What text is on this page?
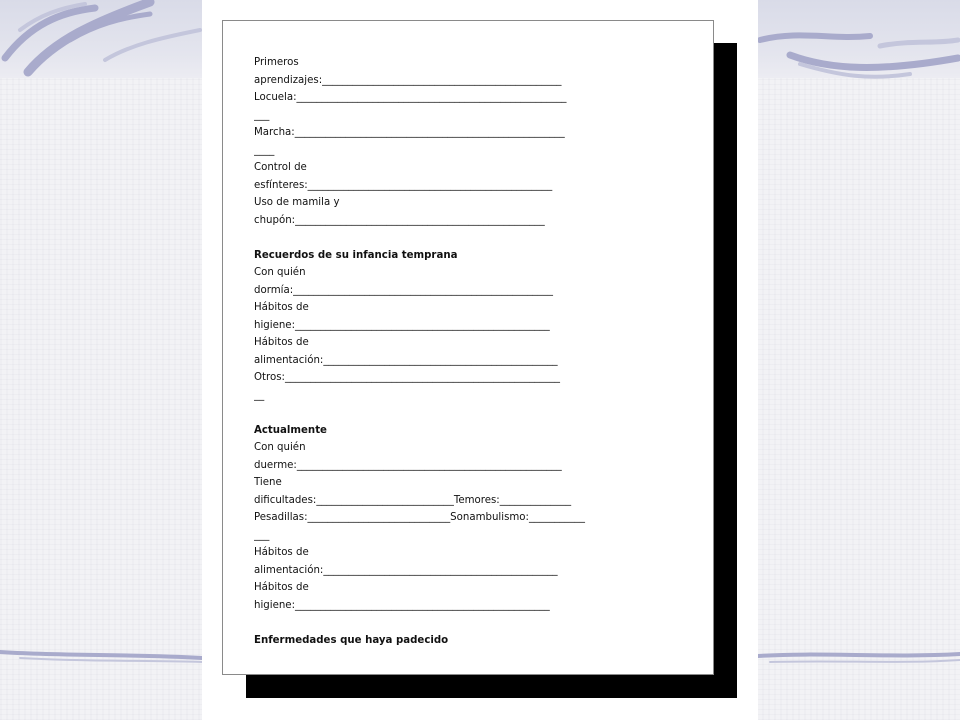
Primeros
aprendizajes:_______________________________________________
Locuela:_____________________________________________________
___
Marcha:_____________________________________________________
____
Control de
esfínteres:________________________________________________
Uso de mamila y
chupón:_________________________________________________
Recuerdos de su infancia temprana
Con quién
dormía:___________________________________________________
Hábitos de
higiene:__________________________________________________
Hábitos de
alimentación:______________________________________________
Otros:______________________________________________________
__
Actualmente
Con quién
duerme:____________________________________________________
Tiene
dificultades:___________________________Temores:______________
Pesadillas:____________________________Sonambulismo:___________
___
Hábitos de
alimentación:______________________________________________
Hábitos de
higiene:__________________________________________________
Enfermedades que haya padecido
